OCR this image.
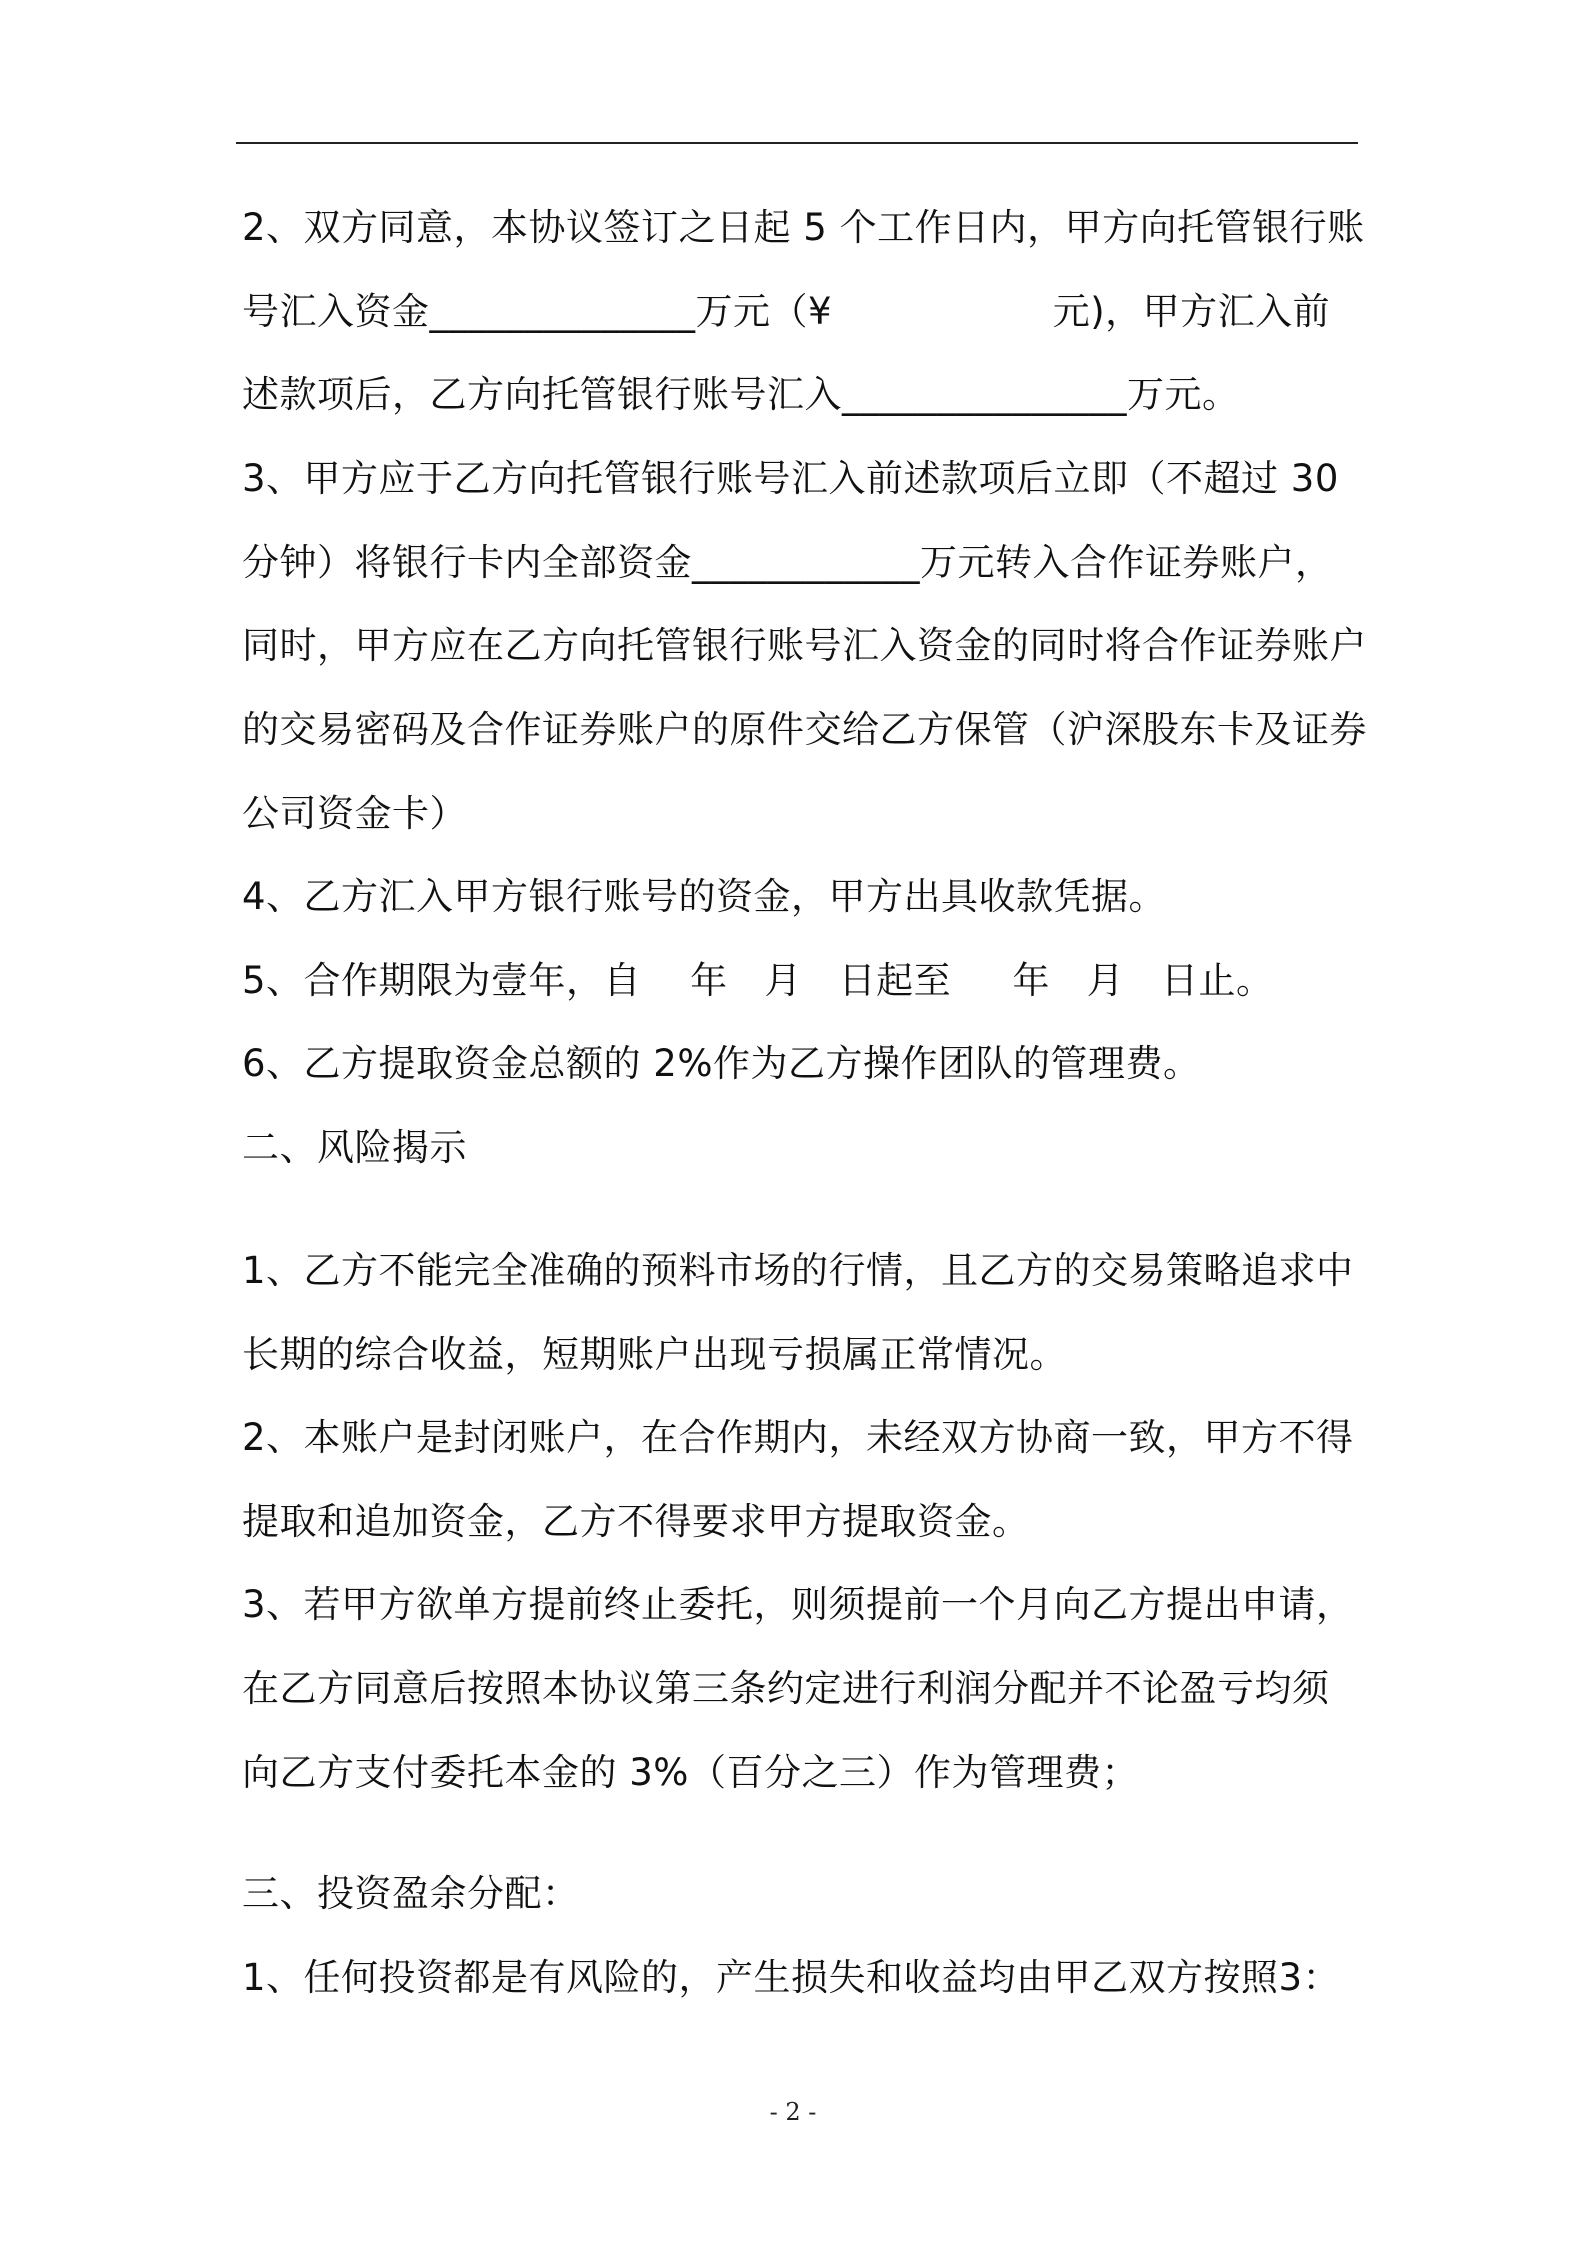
2、双方同意，本协议签订之日起 5 个工作日内，甲方向托管银行账
号汇入资金______________万元（¥                  元)，甲方汇入前
述款项后，乙方向托管银行账号汇入_______________万元。
3、甲方应于乙方向托管银行账号汇入前述款项后立即（不超过 30
分钟）将银行卡内全部资金____________万元转入合作证券账户，
同时，甲方应在乙方向托管银行账号汇入资金的同时将合作证券账户
的交易密码及合作证券账户的原件交给乙方保管（沪深股东卡及证券
公司资金卡）
4、乙方汇入甲方银行账号的资金，甲方出具收款凭据。
5、合作期限为壹年，自    年   月   日起至     年   月   日止。
6、乙方提取资金总额的 2%作为乙方操作团队的管理费。
二、风险揭示
1、乙方不能完全准确的预料市场的行情，且乙方的交易策略追求中
长期的综合收益，短期账户出现亏损属正常情况。
2、本账户是封闭账户，在合作期内，未经双方协商一致，甲方不得
提取和追加资金，乙方不得要求甲方提取资金。
3、若甲方欲单方提前终止委托，则须提前一个月向乙方提出申请，
在乙方同意后按照本协议第三条约定进行利润分配并不论盈亏均须
向乙方支付委托本金的 3%（百分之三）作为管理费；
三、投资盈余分配：
1、任何投资都是有风险的，产生损失和收益均由甲乙双方按照3：
- 2 -
